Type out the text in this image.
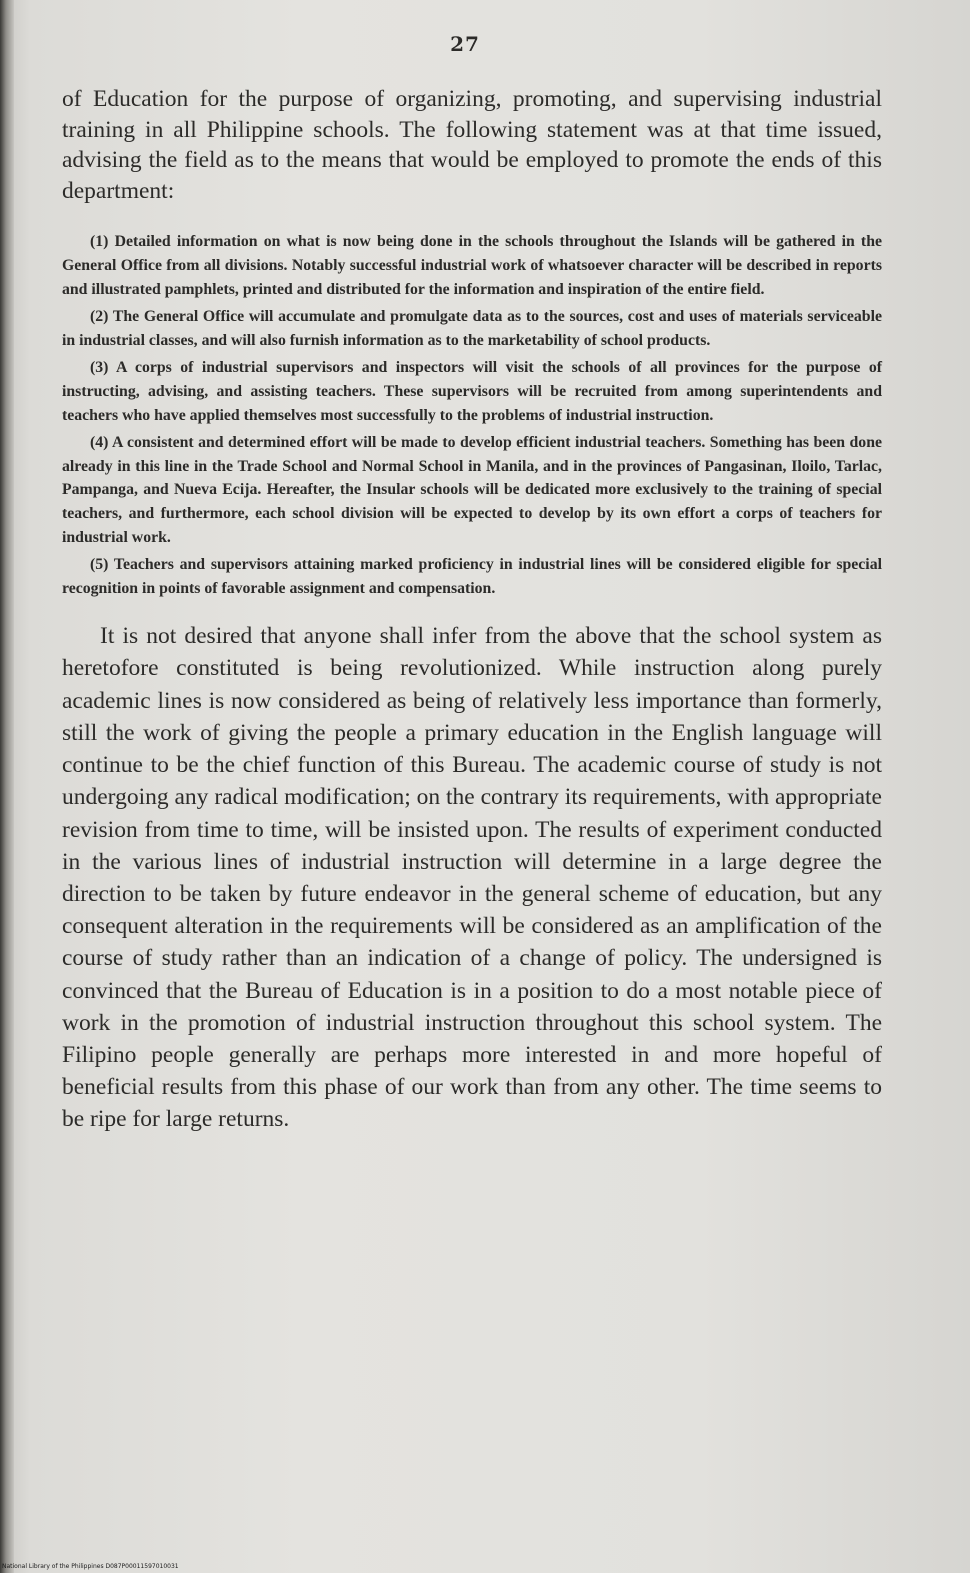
27

of Education for the purpose of organizing, promoting, and supervising industrial training in all Philippine schools. The following statement was at that time issued, advising the field as to the means that would be employed to promote the ends of this department:

(1) Detailed information on what is now being done in the schools throughout the Islands will be gathered in the General Office from all divisions. Notably successful industrial work of whatsoever character will be described in reports and illustrated pamphlets, printed and distributed for the information and inspiration of the entire field.

(2) The General Office will accumulate and promulgate data as to the sources, cost and uses of materials serviceable in industrial classes, and will also furnish information as to the marketability of school products.

(3) A corps of industrial supervisors and inspectors will visit the schools of all provinces for the purpose of instructing, advising, and assisting teachers. These supervisors will be recruited from among superintendents and teachers who have applied themselves most successfully to the problems of industrial instruction.

(4) A consistent and determined effort will be made to develop efficient industrial teachers. Something has been done already in this line in the Trade School and Normal School in Manila, and in the provinces of Pangasinan, Iloilo, Tarlac, Pampanga, and Nueva Ecija. Hereafter, the Insular schools will be dedicated more exclusively to the training of special teachers, and furthermore, each school division will be expected to develop by its own effort a corps of teachers for industrial work.

(5) Teachers and supervisors attaining marked proficiency in industrial lines will be considered eligible for special recognition in points of favorable assignment and compensation.

It is not desired that anyone shall infer from the above that the school system as heretofore constituted is being revolutionized. While instruction along purely academic lines is now considered as being of relatively less importance than formerly, still the work of giving the people a primary education in the English language will continue to be the chief function of this Bureau. The academic course of study is not undergoing any radical modification; on the contrary its requirements, with appropriate revision from time to time, will be insisted upon. The results of experiment conducted in the various lines of industrial instruction will determine in a large degree the direction to be taken by future endeavor in the general scheme of education, but any consequent alteration in the requirements will be considered as an amplification of the course of study rather than an indication of a change of policy. The undersigned is convinced that the Bureau of Education is in a position to do a most notable piece of work in the promotion of industrial instruction throughout this school system. The Filipino people generally are perhaps more interested in and more hopeful of beneficial results from this phase of our work than from any other. The time seems to be ripe for large returns.

National Library of the Philippines D087P00011597010031
